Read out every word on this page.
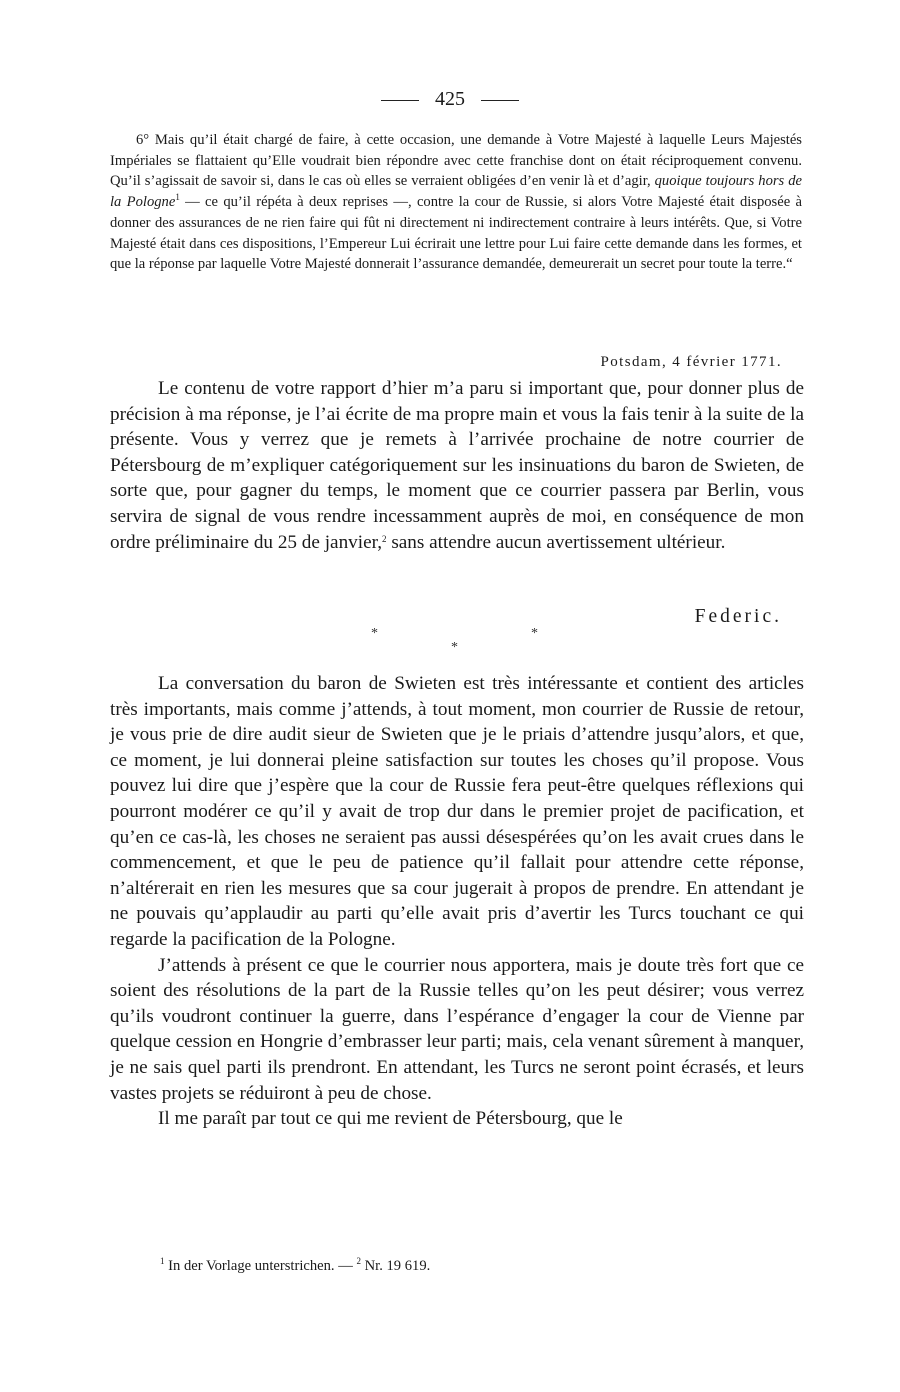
425

6° Mais qu’il était chargé de faire, à cette occasion, une demande à Votre Majesté à laquelle Leurs Majestés Impériales se flattaient qu’Elle voudrait bien répondre avec cette franchise dont on était réciproquement convenu. Qu’il s’agissait de savoir si, dans le cas où elles se verraient obligées d’en venir là et d’agir, quoique toujours hors de la Pologne$^1$ — ce qu’il répéta à deux reprises —, contre la cour de Russie, si alors Votre Majesté était disposée à donner des assurances de ne rien faire qui fût ni directement ni indirectement contraire à leurs intérêts. Que, si Votre Majesté était dans ces dispositions, l’Empereur Lui écrirait une lettre pour Lui faire cette demande dans les formes, et que la réponse par laquelle Votre Majesté donnerait l’assurance demandée, demeurerait un secret pour toute la terre.“

Potsdam, 4 février 1771.

Le contenu de votre rapport d’hier m’a paru si important que, pour donner plus de précision à ma réponse, je l’ai écrite de ma propre main et vous la fais tenir à la suite de la présente. Vous y verrez que je remets à l’arrivée prochaine de notre courrier de Pétersbourg de m’expliquer catégoriquement sur les insinuations du baron de Swieten, de sorte que, pour gagner du temps, le moment que ce courrier passera par Berlin, vous servira de signal de vous rendre incessamment auprès de moi, en conséquence de mon ordre préliminaire du 25 de janvier,$^2$ sans attendre aucun avertissement ultérieur.

Federic.
*
*
*

La conversation du baron de Swieten est très intéressante et contient des articles très importants, mais comme j’attends, à tout moment, mon courrier de Russie de retour, je vous prie de dire audit sieur de Swieten que je le priais d’attendre jusqu’alors, et que, ce moment, je lui donnerai pleine satisfaction sur toutes les choses qu’il propose. Vous pouvez lui dire que j’espère que la cour de Russie fera peut-être quelques réflexions qui pourront modérer ce qu’il y avait de trop dur dans le premier projet de pacification, et qu’en ce cas-là, les choses ne seraient pas aussi désespérées qu’on les avait crues dans le commencement, et que le peu de patience qu’il fallait pour attendre cette réponse, n’altérerait en rien les mesures que sa cour jugerait à propos de prendre. En attendant je ne pouvais qu’applaudir au parti qu’elle avait pris d’avertir les Turcs touchant ce qui regarde la pacification de la Pologne.

J’attends à présent ce que le courrier nous apportera, mais je doute très fort que ce soient des résolutions de la part de la Russie telles qu’on les peut désirer; vous verrez qu’ils voudront continuer la guerre, dans l’espérance d’engager la cour de Vienne par quelque cession en Hongrie d’embrasser leur parti; mais, cela venant sûrement à manquer, je ne sais quel parti ils prendront. En attendant, les Turcs ne seront point écrasés, et leurs vastes projets se réduiront à peu de chose.

Il me paraît par tout ce qui me revient de Pétersbourg, que le

$^1$ In der Vorlage unterstrichen. — $^2$ Nr. 19 619.
